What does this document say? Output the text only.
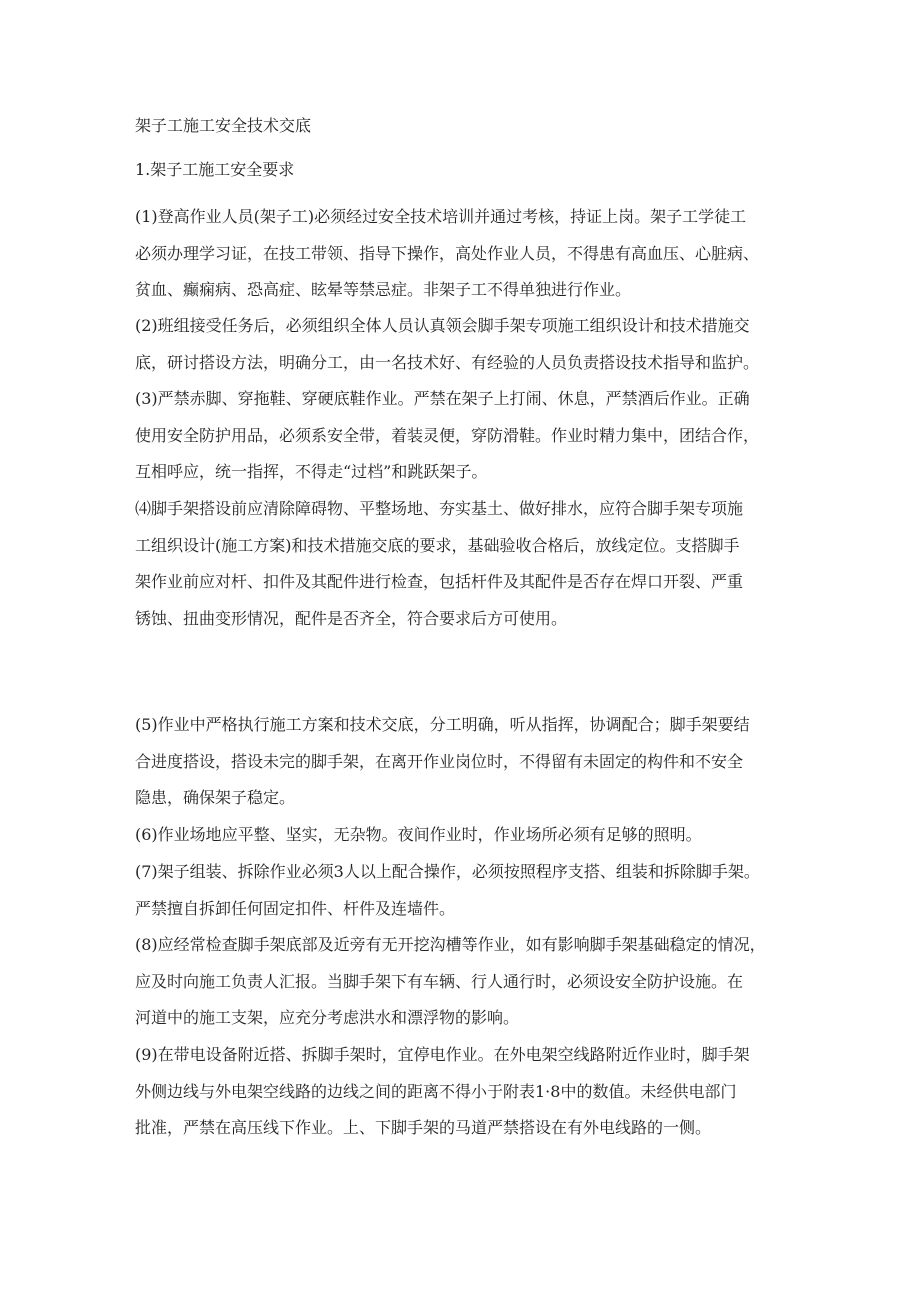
架子工施工安全技术交底
1.架子工施工安全要求

(1)登高作业人员(架子工)必须经过安全技术培训并通过考核，持证上岗。架子工学徒工
必须办理学习证，在技工带领、指导下操作，高处作业人员，不得患有高血压、心脏病、
贫血、癫痫病、恐高症、眩晕等禁忌症。非架子工不得单独进行作业。

(2)班组接受任务后，必须组织全体人员认真领会脚手架专项施工组织设计和技术措施交
底，研讨搭设方法，明确分工，由一名技术好、有经验的人员负责搭设技术指导和监护。

(3)严禁赤脚、穿拖鞋、穿硬底鞋作业。严禁在架子上打闹、休息，严禁酒后作业。正确
使用安全防护用品，必须系安全带，着装灵便，穿防滑鞋。作业时精力集中，团结合作，
互相呼应，统一指挥，不得走“过档”和跳跃架子。

⑷脚手架搭设前应清除障碍物、平整场地、夯实基土、做好排水，应符合脚手架专项施
工组织设计(施工方案)和技术措施交底的要求，基础验收合格后，放线定位。支搭脚手
架作业前应对杆、扣件及其配件进行检查，包括杆件及其配件是否存在焊口开裂、严重
锈蚀、扭曲变形情况，配件是否齐全，符合要求后方可使用。

(5)作业中严格执行施工方案和技术交底，分工明确，听从指挥，协调配合；脚手架要结
合进度搭设，搭设未完的脚手架，在离开作业岗位时，不得留有未固定的构件和不安全
隐患，确保架子稳定。

(6)作业场地应平整、坚实，无杂物。夜间作业时，作业场所必须有足够的照明。

(7)架子组装、拆除作业必须3人以上配合操作，必须按照程序支搭、组装和拆除脚手架。
严禁擅自拆卸任何固定扣件、杆件及连墙件。

(8)应经常检查脚手架底部及近旁有无开挖沟槽等作业，如有影响脚手架基础稳定的情况，
应及时向施工负责人汇报。当脚手架下有车辆、行人通行时，必须设安全防护设施。在
河道中的施工支架，应充分考虑洪水和漂浮物的影响。

(9)在带电设备附近搭、拆脚手架时，宜停电作业。在外电架空线路附近作业时，脚手架
外侧边线与外电架空线路的边线之间的距离不得小于附表1·8中的数值。未经供电部门
批准，严禁在高压线下作业。上、下脚手架的马道严禁搭设在有外电线路的一侧。
